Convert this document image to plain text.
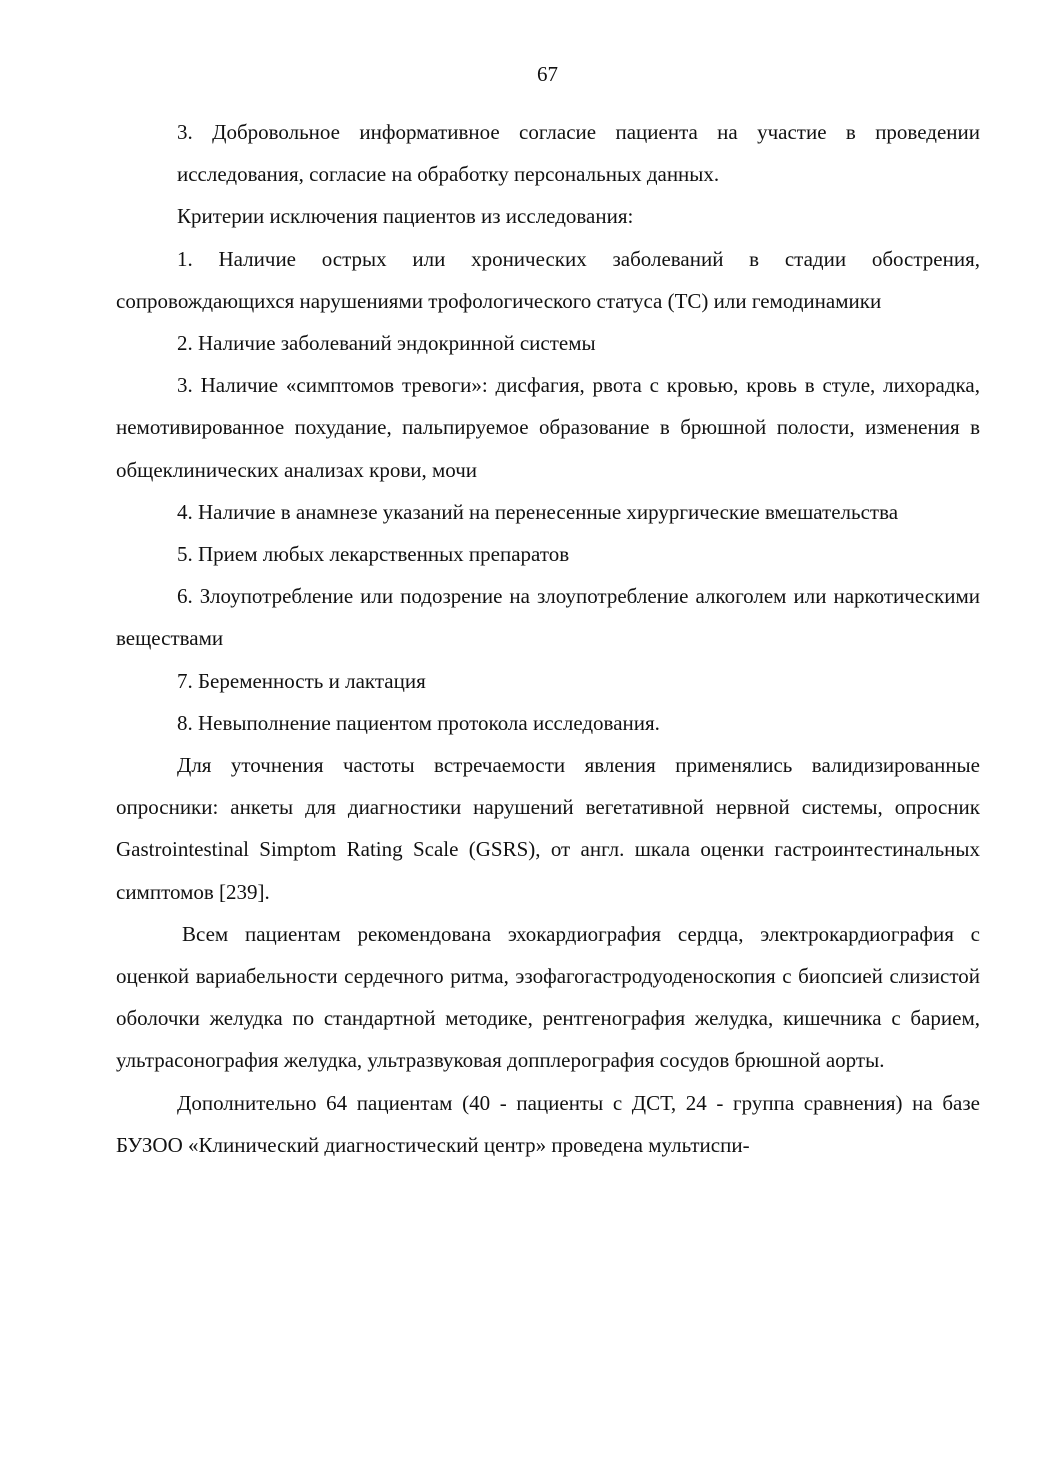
67

3. Добровольное информативное согласие пациента на участие в проведении исследования, согласие на обработку персональных данных.

Критерии исключения пациентов из исследования:

1. Наличие острых или хронических заболеваний в стадии обострения, сопровождающихся нарушениями трофологического статуса (ТС) или гемодинамики

2. Наличие заболеваний эндокринной системы

3. Наличие «симптомов тревоги»: дисфагия, рвота с кровью, кровь в стуле, лихорадка, немотивированное похудание, пальпируемое образование в брюшной полости, изменения в общеклинических анализах крови, мочи

4. Наличие в анамнезе указаний на перенесенные хирургические вмешательства

5. Прием любых лекарственных препаратов

6. Злоупотребление или подозрение на злоупотребление алкоголем или наркотическими веществами

7. Беременность и лактация

8. Невыполнение пациентом протокола исследования.

Для уточнения частоты встречаемости явления применялись валидизированные опросники: анкеты для диагностики нарушений вегетативной нервной системы, опросник Gastrointestinal Simptom Rating Scale (GSRS), от англ. шкала оценки гастроинтестинальных симптомов [239].

Всем пациентам рекомендована эхокардиография сердца, электрокардиография с оценкой вариабельности сердечного ритма, эзофагогастродуоденоскопия с биопсией слизистой оболочки желудка по стандартной методике, рентгенография желудка, кишечника с барием, ультрасонография желудка, ультразвуковая допплерография сосудов брюшной аорты.

Дополнительно 64 пациентам (40 - пациенты с ДСТ, 24 - группа сравнения) на базе БУЗОО «Клинический диагностический центр» проведена мультиспи-
